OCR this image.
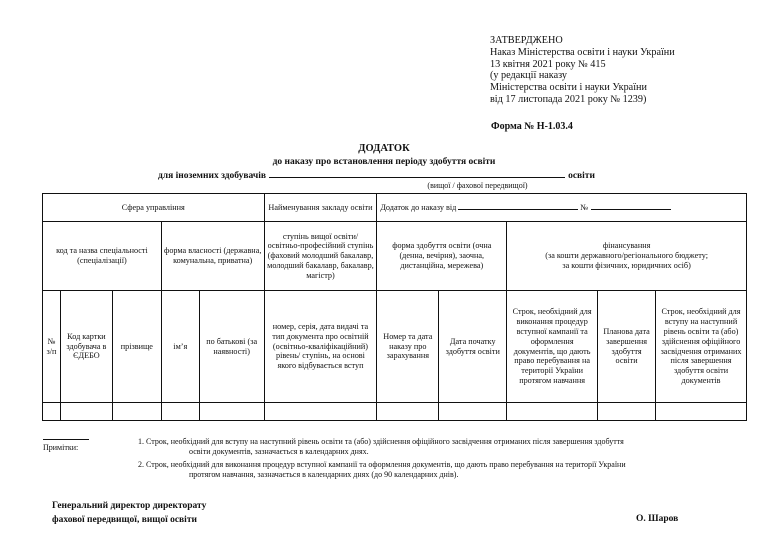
ЗАТВЕРДЖЕНО
Наказ Міністерства освіти і науки України
13 квітня 2021 року № 415
(у редакції наказу
Міністерства освіти і науки України
від 17 листопада 2021 року № 1239)
Форма № Н-1.03.4
ДОДАТОК
до наказу про встановлення періоду здобуття освіти
для іноземних здобувачів	освіти
(вищої / фахової передвищої)
Сфера управління					Найменування закладу освіти	Додаток до наказу від №				
код та назва спеціальності (спеціалізації)			форма власності (державна, комунальна, приватна)		ступінь вищої освіти/ освітньо-професійний ступінь (фаховий молодший бакалавр, молодший бакалавр, бакалавр, магістр)	форма здобуття освіти (очна (денна, вечірня), заочна, дистанційна, мережева)		фінансування
(за кошти державного/регіонального бюджету;
за кошти фізичних, юридичних осіб)		

№ з/п	Код картки здобувача в ЄДЕБО	прізвище	ім’я	по батькові (за наявності)	номер, серія, дата видачі та тип документа про освітній (освітньо-кваліфікаційний) рівень/ ступінь, на основі якого відбувається вступ	Номер та дата наказу про зарахування	Дата початку здобуття освіти	Строк, необхідний для виконання процедур вступної кампанії та оформлення документів, що дають право перебування на території України протягом навчання	Планова дата завершення здобуття освіти	Строк, необхідний для вступу на наступний рівень освіти та (або) здійснення офіційного засвідчення отриманих після завершення здобуття освіти документів

Примітки:
1. Строк, необхідний для вступу на наступний рівень освіти та (або) здійснення офіційного засвідчення отриманих після завершення здобуття
освіти документів, зазначається в календарних днях.
2. Строк, необхідний для виконання процедур вступної кампанії та оформлення документів, що дають право перебування на території України
протягом навчання, зазначається в календарних днях (до 90 календарних днів).
Генеральний директор директорату
фахової передвищої, вищої освіти	О. Шаров
